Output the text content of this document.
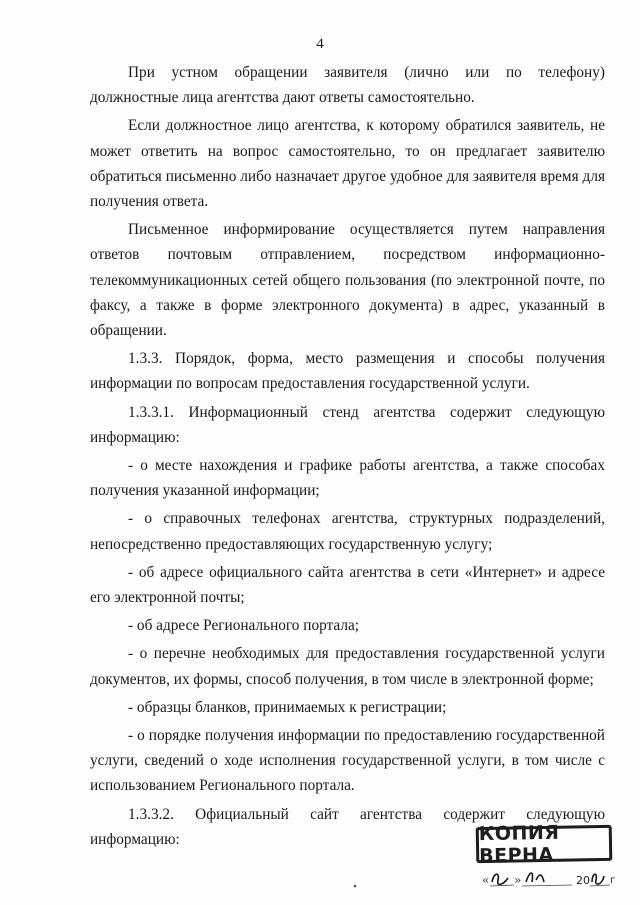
4

При устном обращении заявителя (лично или по телефону) должностные лица агентства дают ответы самостоятельно.

Если должностное лицо агентства, к которому обратился заявитель, не может ответить на вопрос самостоятельно, то он предлагает заявителю обратиться письменно либо назначает другое удобное для заявителя время для получения ответа.

Письменное информирование осуществляется путем направления ответов почтовым отправлением, посредством информационно-телекоммуникационных сетей общего пользования (по электронной почте, по факсу, а также в форме электронного документа) в адрес, указанный в обращении.

1.3.3. Порядок, форма, место размещения и способы получения информации по вопросам предоставления государственной услуги.

1.3.3.1. Информационный стенд агентства содержит следующую информацию:

- о месте нахождения и графике работы агентства, а также способах получения указанной информации;

- о справочных телефонах агентства, структурных подразделений, непосредственно предоставляющих государственную услугу;

- об адресе официального сайта агентства в сети «Интернет» и адресе его электронной почты;

- об адресе Регионального портала;

- о перечне необходимых для предоставления государственной услуги документов, их формы, способ получения, в том числе в электронной форме;

- образцы бланков, принимаемых к регистрации;

- о порядке получения информации по предоставлению государственной услуги, сведений о ходе исполнения государственной услуги, в том числе с использованием Регионального портала.

1.3.3.2. Официальный сайт агентства содержит следующую информацию:	КОПИЯ ВЕРНА
« »	20 г
